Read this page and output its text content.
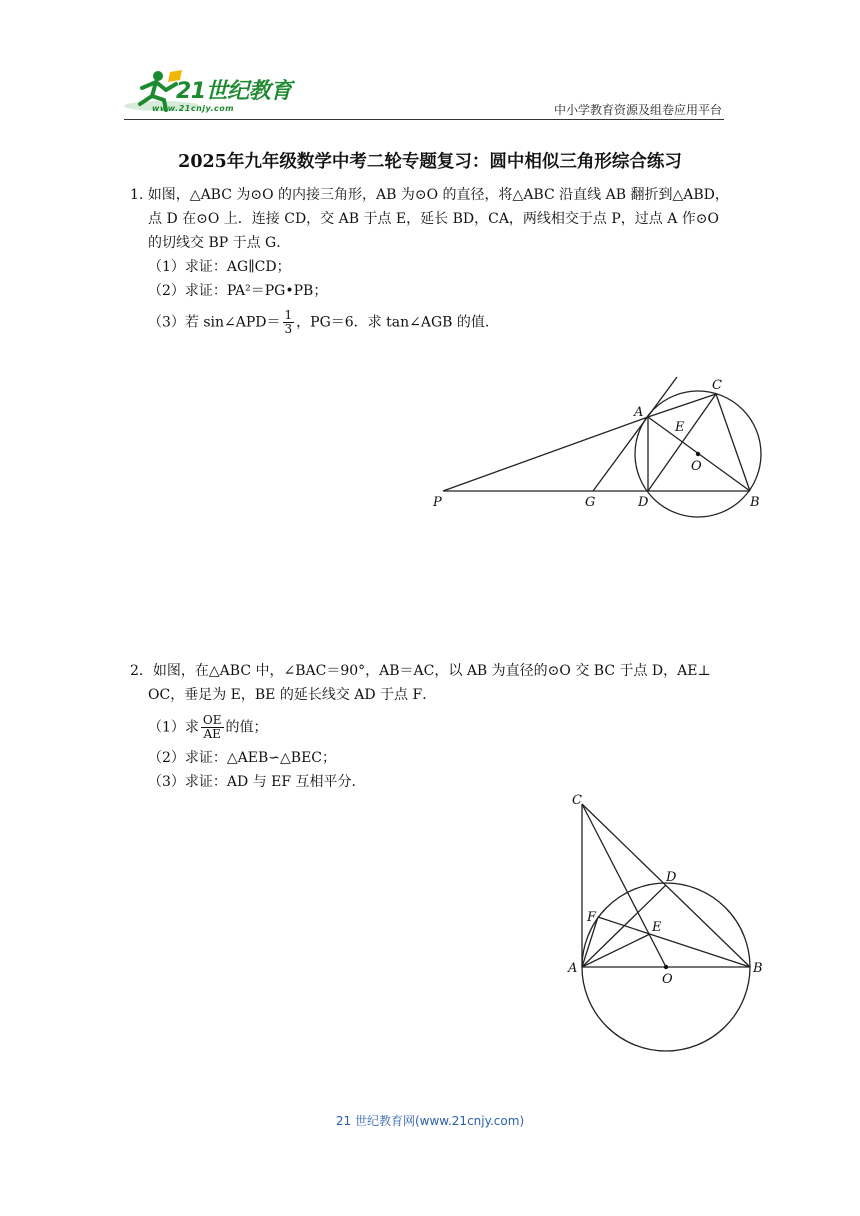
21世纪教育
www.21cnjy.com	中小学教育资源及组卷应用平台
2025年九年级数学中考二轮专题复习：圆中相似三角形综合练习
1. 如图，△ABC 为⊙O 的内接三角形，AB 为⊙O 的直径，将△ABC 沿直线 AB 翻折到△ABD，
点 D 在⊙O 上．连接 CD，交 AB 于点 E，延长 BD，CA，两线相交于点 P，过点 A 作⊙O
的切线交 BP 于点 G．
（1）求证：AG∥CD；
（2）求证：PA²＝PG•PB；
（3）若 sin∠APD＝ $\frac{1}{3}$ ，PG＝6．求 tan∠AGB 的值．
A
C
E
O
P	G	D	B
C
D
F
E
A
O
B
2．如图，在△ABC 中，∠BAC＝90°，AB＝AC，以 AB 为直径的⊙O 交 BC 于点 D，AE⊥
OC，垂足为 E，BE 的延长线交 AD 于点 F．
（1）求 $\frac{OE}{AE}$ 的值；
（2）求证：△AEB∽△BEC；
（3）求证：AD 与 EF 互相平分．
21 世纪教育网(www.21cnjy.com)
